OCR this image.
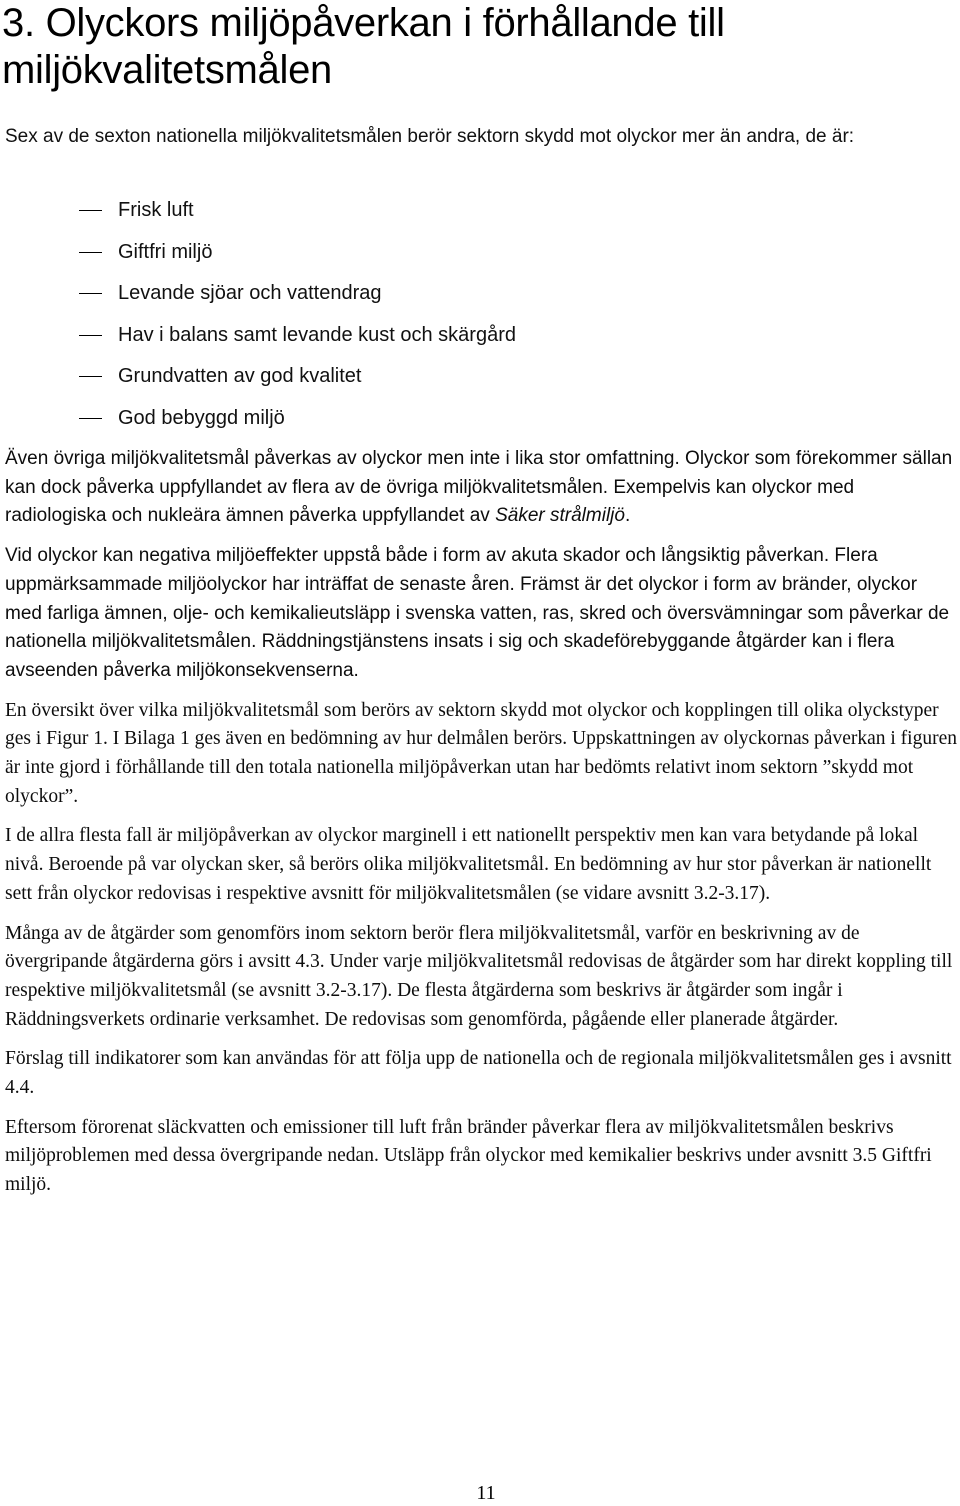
3. Olyckors miljöpåverkan i förhållande till miljökvalitetsmålen

Sex av de sexton nationella miljökvalitetsmålen berör sektorn skydd mot olyckor mer än andra, de är:

Frisk luft
Giftfri miljö
Levande sjöar och vattendrag
Hav i balans samt levande kust och skärgård
Grundvatten av god kvalitet
God bebyggd miljö

Även övriga miljökvalitetsmål påverkas av olyckor men inte i lika stor omfattning. Olyckor som förekommer sällan kan dock påverka uppfyllandet av flera av de övriga miljökvalitetsmålen. Exempelvis kan olyckor med radiologiska och nukleära ämnen påverka uppfyllandet av Säker strålmiljö.

Vid olyckor kan negativa miljöeffekter uppstå både i form av akuta skador och långsiktig påverkan. Flera uppmärksammade miljöolyckor har inträffat de senaste åren. Främst är det olyckor i form av bränder, olyckor med farliga ämnen, olje- och kemikalieutsläpp i svenska vatten, ras, skred och översvämningar som påverkar de nationella miljökvalitetsmålen. Räddningstjänstens insats i sig och skadeförebyggande åtgärder kan i flera avseenden påverka miljökonsekvenserna.

En översikt över vilka miljökvalitetsmål som berörs av sektorn skydd mot olyckor och kopplingen till olika olyckstyper ges i Figur 1. I Bilaga 1 ges även en bedömning av hur delmålen berörs. Uppskattningen av olyckornas påverkan i figuren är inte gjord i förhållande till den totala nationella miljöpåverkan utan har bedömts relativt inom sektorn ”skydd mot olyckor”.

I de allra flesta fall är miljöpåverkan av olyckor marginell i ett nationellt perspektiv men kan vara betydande på lokal nivå. Beroende på var olyckan sker, så berörs olika miljökvalitetsmål. En bedömning av hur stor påverkan är nationellt sett från olyckor redovisas i respektive avsnitt för miljökvalitetsmålen (se vidare avsnitt 3.2-3.17).

Många av de åtgärder som genomförs inom sektorn berör flera miljökvalitetsmål, varför en beskrivning av de övergripande åtgärderna görs i avsitt 4.3. Under varje miljökvalitetsmål redovisas de åtgärder som har direkt koppling till respektive miljökvalitetsmål (se avsnitt 3.2-3.17). De flesta åtgärderna som beskrivs är åtgärder som ingår i Räddningsverkets ordinarie verksamhet. De redovisas som genomförda, pågående eller planerade åtgärder.

Förslag till indikatorer som kan användas för att följa upp de nationella och de regionala miljökvalitetsmålen ges i avsnitt 4.4.

Eftersom förorenat släckvatten och emissioner till luft från bränder påverkar flera av miljökvalitetsmålen beskrivs miljöproblemen med dessa övergripande nedan. Utsläpp från olyckor med kemikalier beskrivs under avsnitt 3.5 Giftfri miljö.

11
